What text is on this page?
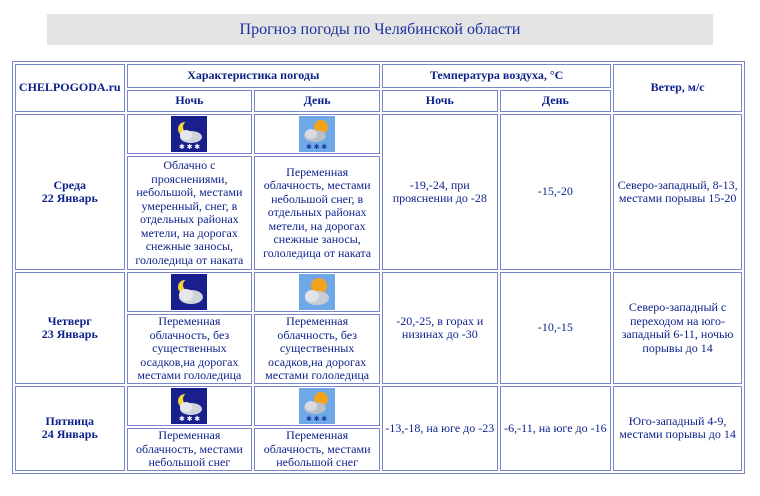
Прогноз погоды по Челябинской области
CHELPOGODA.ru	Характеристика погоды		Температура воздуха, °С		Ветер, м/с
	Ночь	День	Ночь	День	

Среда
22 Январь	✱ ✱ ✱	✱ ✱ ✱	-19,-24, при прояснении до -28	-15,-20	Северо-западный, 8-13, местами порывы 15-20
	Облачно с прояснениями, небольшой, местами умеренный, снег, в отдельных районах метели, на дорогах снежные заносы, гололедица от наката	Переменная облачность, местами небольшой снег, в отдельных районах метели, на дорогах снежные заносы, гололедица от наката			

Четверг
23 Январь			-20,-25, в горах и низинах до -30	-10,-15	Северо-западный с переходом на юго-западный 6-11, ночью порывы до 14
	Переменная облачность, без существенных осадков,на дорогах местами гололедица	Переменная облачность, без существенных осадков,на дорогах местами гололедица			

Пятница
24 Январь	✱ ✱ ✱	✱ ✱ ✱	-13,-18, на юге до -23	-6,-11, на юге до -16	Юго-западный 4-9, местами порывы до 14
	Переменная облачность, местами небольшой снег	Переменная облачность, местами небольшой снег			
